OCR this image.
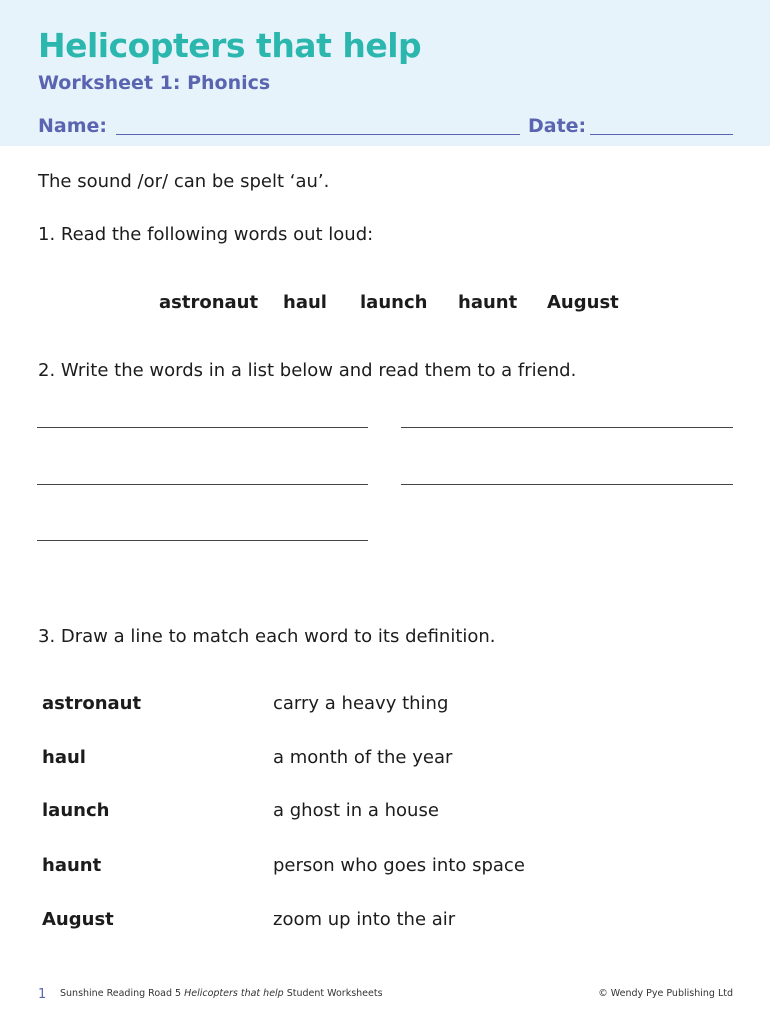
Helicopters that help
Worksheet 1: Phonics
Name:	Date:
The sound /or/ can be spelt ‘au’.
1. Read the following words out loud:
astronaut haul launch haunt August
2. Write the words in a list below and read them to a friend.
3. Draw a line to match each word to its definition.
astronaut	carry a heavy thing
haul	a month of the year
launch	a ghost in a house
haunt	person who goes into space
August	zoom up into the air
1 Sunshine Reading Road 5 Helicopters that help Student Worksheets	© Wendy Pye Publishing Ltd
